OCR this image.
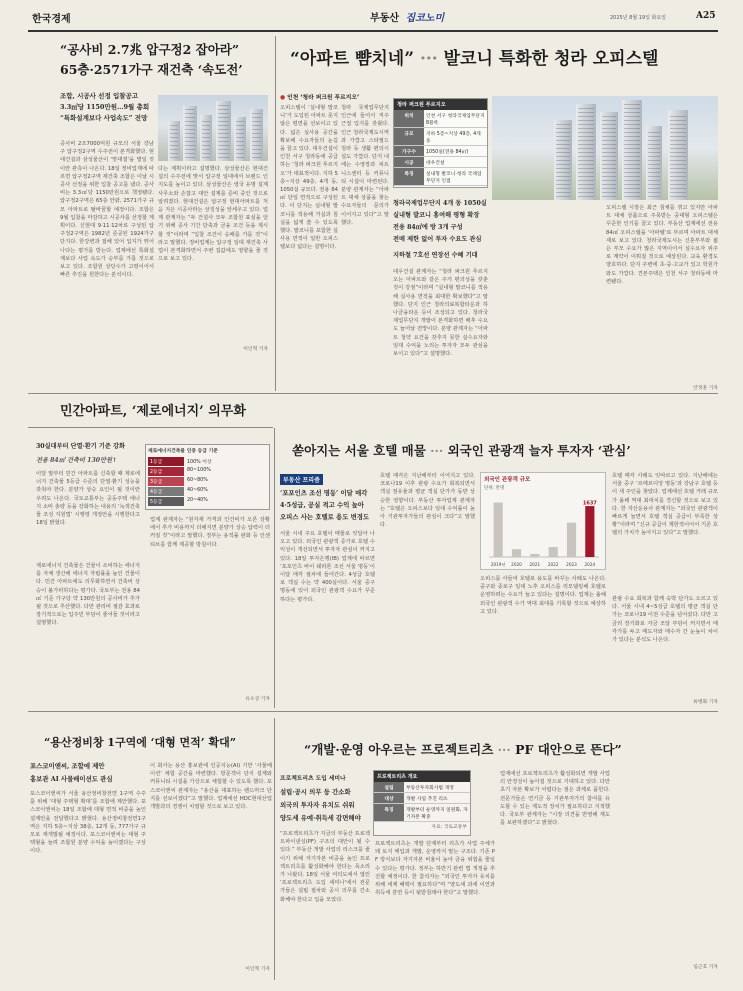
한국경제	부동산 집코노미	2025년 8월 19일 화요일	A25
“공사비 2.7兆 압구정2 잡아라”
65층·2571가구 재건축 ‘속도전’
조합, 시공사 선정 입찰공고
3.3㎡당 1150만원…9월 총회
“특화설계보다 사업속도” 전망
공사비 2조7000억원 규모의 서울 강남구 압구정2구역 수주전이 본격화했다. 현대건설과 삼성물산이 ‘맞대결’을 벌일 것이란 관측이 나온다. 18일 정비업계에 따르면 압구정2구역 재건축 조합은 이날 시공사 선정을 위한 입찰 공고를 냈다. 공사비는 3.3㎡당 1150만원으로 책정됐다. 압구정2구역은 65층 안팎, 2571가구 규모 아파트로 탈바꿈할 예정이다. 조합은 9월 입찰을 마감하고 시공사를 선정할 계획이다. 신현대 9·11·12차로 구성된 압구정2구역은 1982년 준공된 1924가구 단지다. 한강변과 접해 있어 입지가 뛰어나다는 평가를 받는다. 업계에선 특화설계보다 사업 속도가 승부를 가를 것으로 보고 있다. 조합원 상당수가 고령이어서 빠른 추진을 원한다는 분석이다.
다는 계획이라고 설명했다. 삼성물산은 현대건설의 수주전에 맞서 압구정 일대에서 브랜드 인지도를 높이고 있다. 삼성물산은 영국 유명 설계사무소와 손잡고 대안 설계를 준비 중인 것으로 알려졌다. 현대건설은 압구정 현대아파트를 처음 지은 시공사라는 상징성을 앞세우고 있다. 업계 관계자는 “두 건설사 모두 조합원 표심을 얻기 위해 공사 기간 단축과 금융 조건 등을 제시할 것”이라며 “입찰 조건이 승패를 가를 것”이라고 말했다. 정비업계는 압구정 일대 재건축 사업이 본격화하면서 주변 집값에도 영향을 줄 것으로 보고 있다.
이인혁 기자
“아파트 뺨치네” ··· 발코니 특화한 청라 오피스텔
● 인천 ‘청라 퍼크원 푸르지오’
오피스텔이 ‘실내형 발코니’가 도입된 아파트 못지않은 평면을 선보이고 있다. 넓은 실사용 공간을 확보해 수요자들의 눈길을 끌고 있다. 대우건설이 인천 서구 청라동에 공급하는 ‘청라 퍼크원 푸르지오’가 대표적이다. 지하 5층~지상 49층, 4개 동, 1050실 규모다. 전용 84㎡ 단일 면적으로 구성된다. 이 단지는 실내형 발코니를 적용해 거실과 침실을 넓게 쓸 수 있도록 했다. 발코니를 포함한 실사용 면적이 일반 오피스텔보다 넓다는 설명이다.
청라 국제업무단지 인근에 들어서 직주근접 입지를 갖췄다. 인근 청라국제도시역과 가깝고 스타필드 청라 등 생활 편의시설도 가깝다. 단지 내에는 수영장과 피트니스센터 등 커뮤니티 시설이 마련된다. 분양 관계자는 “아파트 대체 상품을 찾는 수요자들의 문의가 이어지고 있다”고 말했다.
청라 퍼크원 푸르지오
위치	인천 서구 청라국제업무단지 8블록
규모	지하 5층~지상 49층, 4개 동
가구수	1050실(전용 84㎡)
시공	대우건설
특징	실내형 발코니·청라 국제업무단지 인접
청라국제업무단지 4개 동 1050실
실내형 발코니 홍여해 평형 확장
전용 84㎡에 방 3개 구성
전매 제한 없어 투자 수요도 관심
지하철 7호선 연장선 수혜 기대
대우건설 관계자는 “청라 퍼크원 푸르지오는 아파트와 같은 주거 편의성을 갖춘 것이 강점”이라며 “실내형 발코니를 적용해 실사용 면적을 최대한 확보했다”고 말했다. 단지 인근 청라의료복합타운과 하나금융타운 등이 조성되고 있다. 청라국제업무단지 개발이 본격화하면 배후 수요도 늘어날 전망이다. 분양 관계자는 “아파트 청약 요건을 갖추지 못한 실수요자와 임대 수익을 노리는 투자자 모두 관심을 보이고 있다”고 설명했다.
오피스텔 시장은 최근 침체를 겪고 있지만 아파트 대체 상품으로 주목받는 중대형 오피스텔은 꾸준한 인기를 끌고 있다. 부동산 업계에선 전용 84㎡ 오피스텔을 ‘아파텔’로 부르며 아파트 대체재로 보고 있다. 청라국제도시는 신혼부부와 젊은 부모 수요가 많은 지역이어서 실수요자 위주로 계약이 이뤄질 것으로 예상된다. 교육 환경도 양호하다. 단지 주변에 초·중·고교가 있고 학원가와도 가깝다. 견본주택은 인천 서구 청라동에 마련됐다.
안정훈 기자
민간아파트, ‘제로에너지’ 의무화
30실대부터 단열·환기 기준 강화
전용 84㎡ 건축비 130만원↑
제로에너지건축물 인증 등급 기준
1등급	100% 이상
2등급	80~100%
3등급	60~80%
4등급	40~60%
5등급	20~40%
이달 말부터 민간 아파트를 신축할 때 제로에너지 건축물 5등급 수준의 단열·환기 성능을 갖춰야 한다. 분양가 상승 요인이 될 것이란 우려도 나온다. 국토교통부는 공동주택 에너지 소비 총량 등을 강화하는 내용의 ‘녹색건축물 조성 지원법’ 시행령 개정안을 시행한다고 18일 밝혔다.
제로에너지 건축물은 건물이 소비하는 에너지를 자체 생산해 에너지 자립률을 높인 건물이다. 민간 아파트에도 의무화하면서 건축비 상승이 불가피하다는 평가다. 국토부는 전용 84㎡ 기준 가구당 약 130만원의 공사비가 추가될 것으로 추산했다. 다만 관리비 절감 효과로 장기적으로는 입주민 부담이 줄어들 것이라고 설명했다.
업계 관계자는 “원자재 가격과 인건비가 오른 상황에서 추가 비용까지 더해지면 분양가 상승 압력이 더 커질 것”이라고 말했다. 정부는 용적률 완화 등 인센티브를 함께 제공할 방침이다.
유오상 기자
쏟아지는 서울 호텔 매물 ··· 외국인 관광객 늘자 투자자 ‘관심’
부동산 프리즘
‘포포인츠 조선 명동’ 이달 매각
4·5성급, 공실 적고 수익 높아
오피스 사는 호텔로 용도 변경도
서울 시내 주요 호텔이 매물로 잇달아 나오고 있다. 외국인 관광객 증가로 호텔 수익성이 개선되면서 투자자 관심이 커지고 있다. 18일 투자은행(IB) 업계에 따르면 ‘포포인츠 바이 쉐라톤 조선 서울 명동’이 이달 매각 절차에 들어간다. 4성급 호텔로 객실 수는 약 400실이다. 서울 중구 명동에 있어 외국인 관광객 수요가 꾸준하다는 평가다.
호텔 매각은 지난해부터 이어지고 있다. 코로나19 이후 관광 수요가 회복되면서 객실 점유율과 평균 객실 단가가 동반 상승한 영향이다. 부동산 투자업계 관계자는 “호텔은 오피스보다 임대 수익률이 높아 기관투자가들의 관심이 크다”고 말했다.
외국인 관광객 규모
단위: 만명
2019년 2020 2021 2022 2023 2024
1637
오피스를 사들여 호텔로 용도를 바꾸는 사례도 나온다. 중구와 종로구 일대 노후 오피스를 리모델링해 호텔로 운영하려는 수요가 늘고 있다는 설명이다. 업계는 올해 외국인 관광객 수가 역대 최대를 기록할 것으로 예상하고 있다.
호텔 매각 사례도 잇따르고 있다. 지난해에는 서울 중구 ‘르메르디앙 명동’과 강남구 호텔 등이 새 주인을 찾았다. 업계에선 호텔 거래 규모가 올해 역대 최대치를 경신할 것으로 보고 있다. 한 자산운용사 관계자는 “외국인 관광객이 빠르게 늘면서 호텔 객실 공급이 부족한 상황”이라며 “신규 공급이 제한적이어서 기존 호텔의 가치가 높아지고 있다”고 말했다.
관광 수요 회복과 함께 숙박 단가도 오르고 있다. 서울 시내 4~5성급 호텔의 평균 객실 단가는 코로나19 이전 수준을 넘어섰다. 다만 고금리 장기화로 자금 조달 부담이 커지면서 매각가를 두고 매도자와 매수자 간 눈높이 차이가 있다는 분석도 나온다.
류병화 기자
“용산정비창 1구역에 ‘대형 면적’ 확대”
포스코이앤씨, 조합에 제안
홍보관 AI 사물배이션도 관심
포스코이앤씨가 서울 용산정비창전면 1구역 수주를 위해 ‘대형 주택형 확대’를 조합에 제안했다. 포스코이앤씨는 18일 조합에 대형 면적 비중을 높인 설계안을 전달했다고 밝혔다. 용산정비창전면1구역은 지하 5층~지상 38층, 12개 동, 777가구 규모로 재개발될 예정이다. 포스코이앤씨는 대형 주택형을 늘려 조합원 분양 수익을 높이겠다는 구상이다.
이 회사는 용산 홍보관에 인공지능(AI) 기반 ‘사물배이션’ 체험 공간을 마련했다. 방문객이 단지 설계와 커뮤니티 시설을 가상으로 체험할 수 있도록 했다. 포스코이앤씨 관계자는 “용산을 대표하는 랜드마크 단지를 선보이겠다”고 말했다. 업계에선 HDC현대산업개발과의 경쟁이 치열할 것으로 보고 있다.
이인혁 기자
“개발·운영 아우르는 프로젝트리츠 ··· PF 대안으로 뜬다”
프로젝트리츠 도입 세미나
설립·공시 의무 등 간소화
외국의 투자자 유치도 쉬워
양도세 유예·취득세 감면해야
프로젝트리츠 개요
설립	부동산투자회사법 개정
대상	개발 사업 추진 리츠
특징	개발부터 운영까지 일원화, 자기자본 확충
자료: 국토교통부
“프로젝트리츠가 지금의 부동산 프로젝트파이낸싱(PF) 구조의 대안이 될 수 있다.” 부동산 개발 사업의 리스크를 줄이기 위해 자기자본 비중을 높인 프로젝트리츠를 활성화해야 한다는 목소리가 나왔다. 18일 서울 여의도에서 열린 ‘프로젝트리츠 도입 세미나’에서 전문가들은 설립 절차와 공시 의무를 간소화해야 한다고 입을 모았다.
프로젝트리츠는 개발 단계부터 리츠가 사업 주체가 돼 토지 매입과 개발, 운영까지 맡는 구조다. 기존 PF 방식보다 자기자본 비율이 높아 금융 위험을 줄일 수 있다는 평가다. 정부는 하반기 관련 법 개정을 추진할 예정이다. 한 참석자는 “외국인 투자자 유치를 위해 세제 혜택이 필요하다”며 “양도세 과세 이연과 취득세 감면 등이 뒷받침돼야 한다”고 말했다.
업계에선 프로젝트리츠가 활성화되면 개발 사업의 안정성이 높아질 것으로 기대하고 있다. 다만 초기 자본 확보가 어렵다는 점은 과제로 꼽힌다. 전문가들은 연기금 등 기관투자가의 참여를 유도할 수 있는 제도적 장치가 필요하다고 지적했다. 국토부 관계자는 “시장 의견을 반영해 제도를 보완하겠다”고 밝혔다.
임근호 기자
